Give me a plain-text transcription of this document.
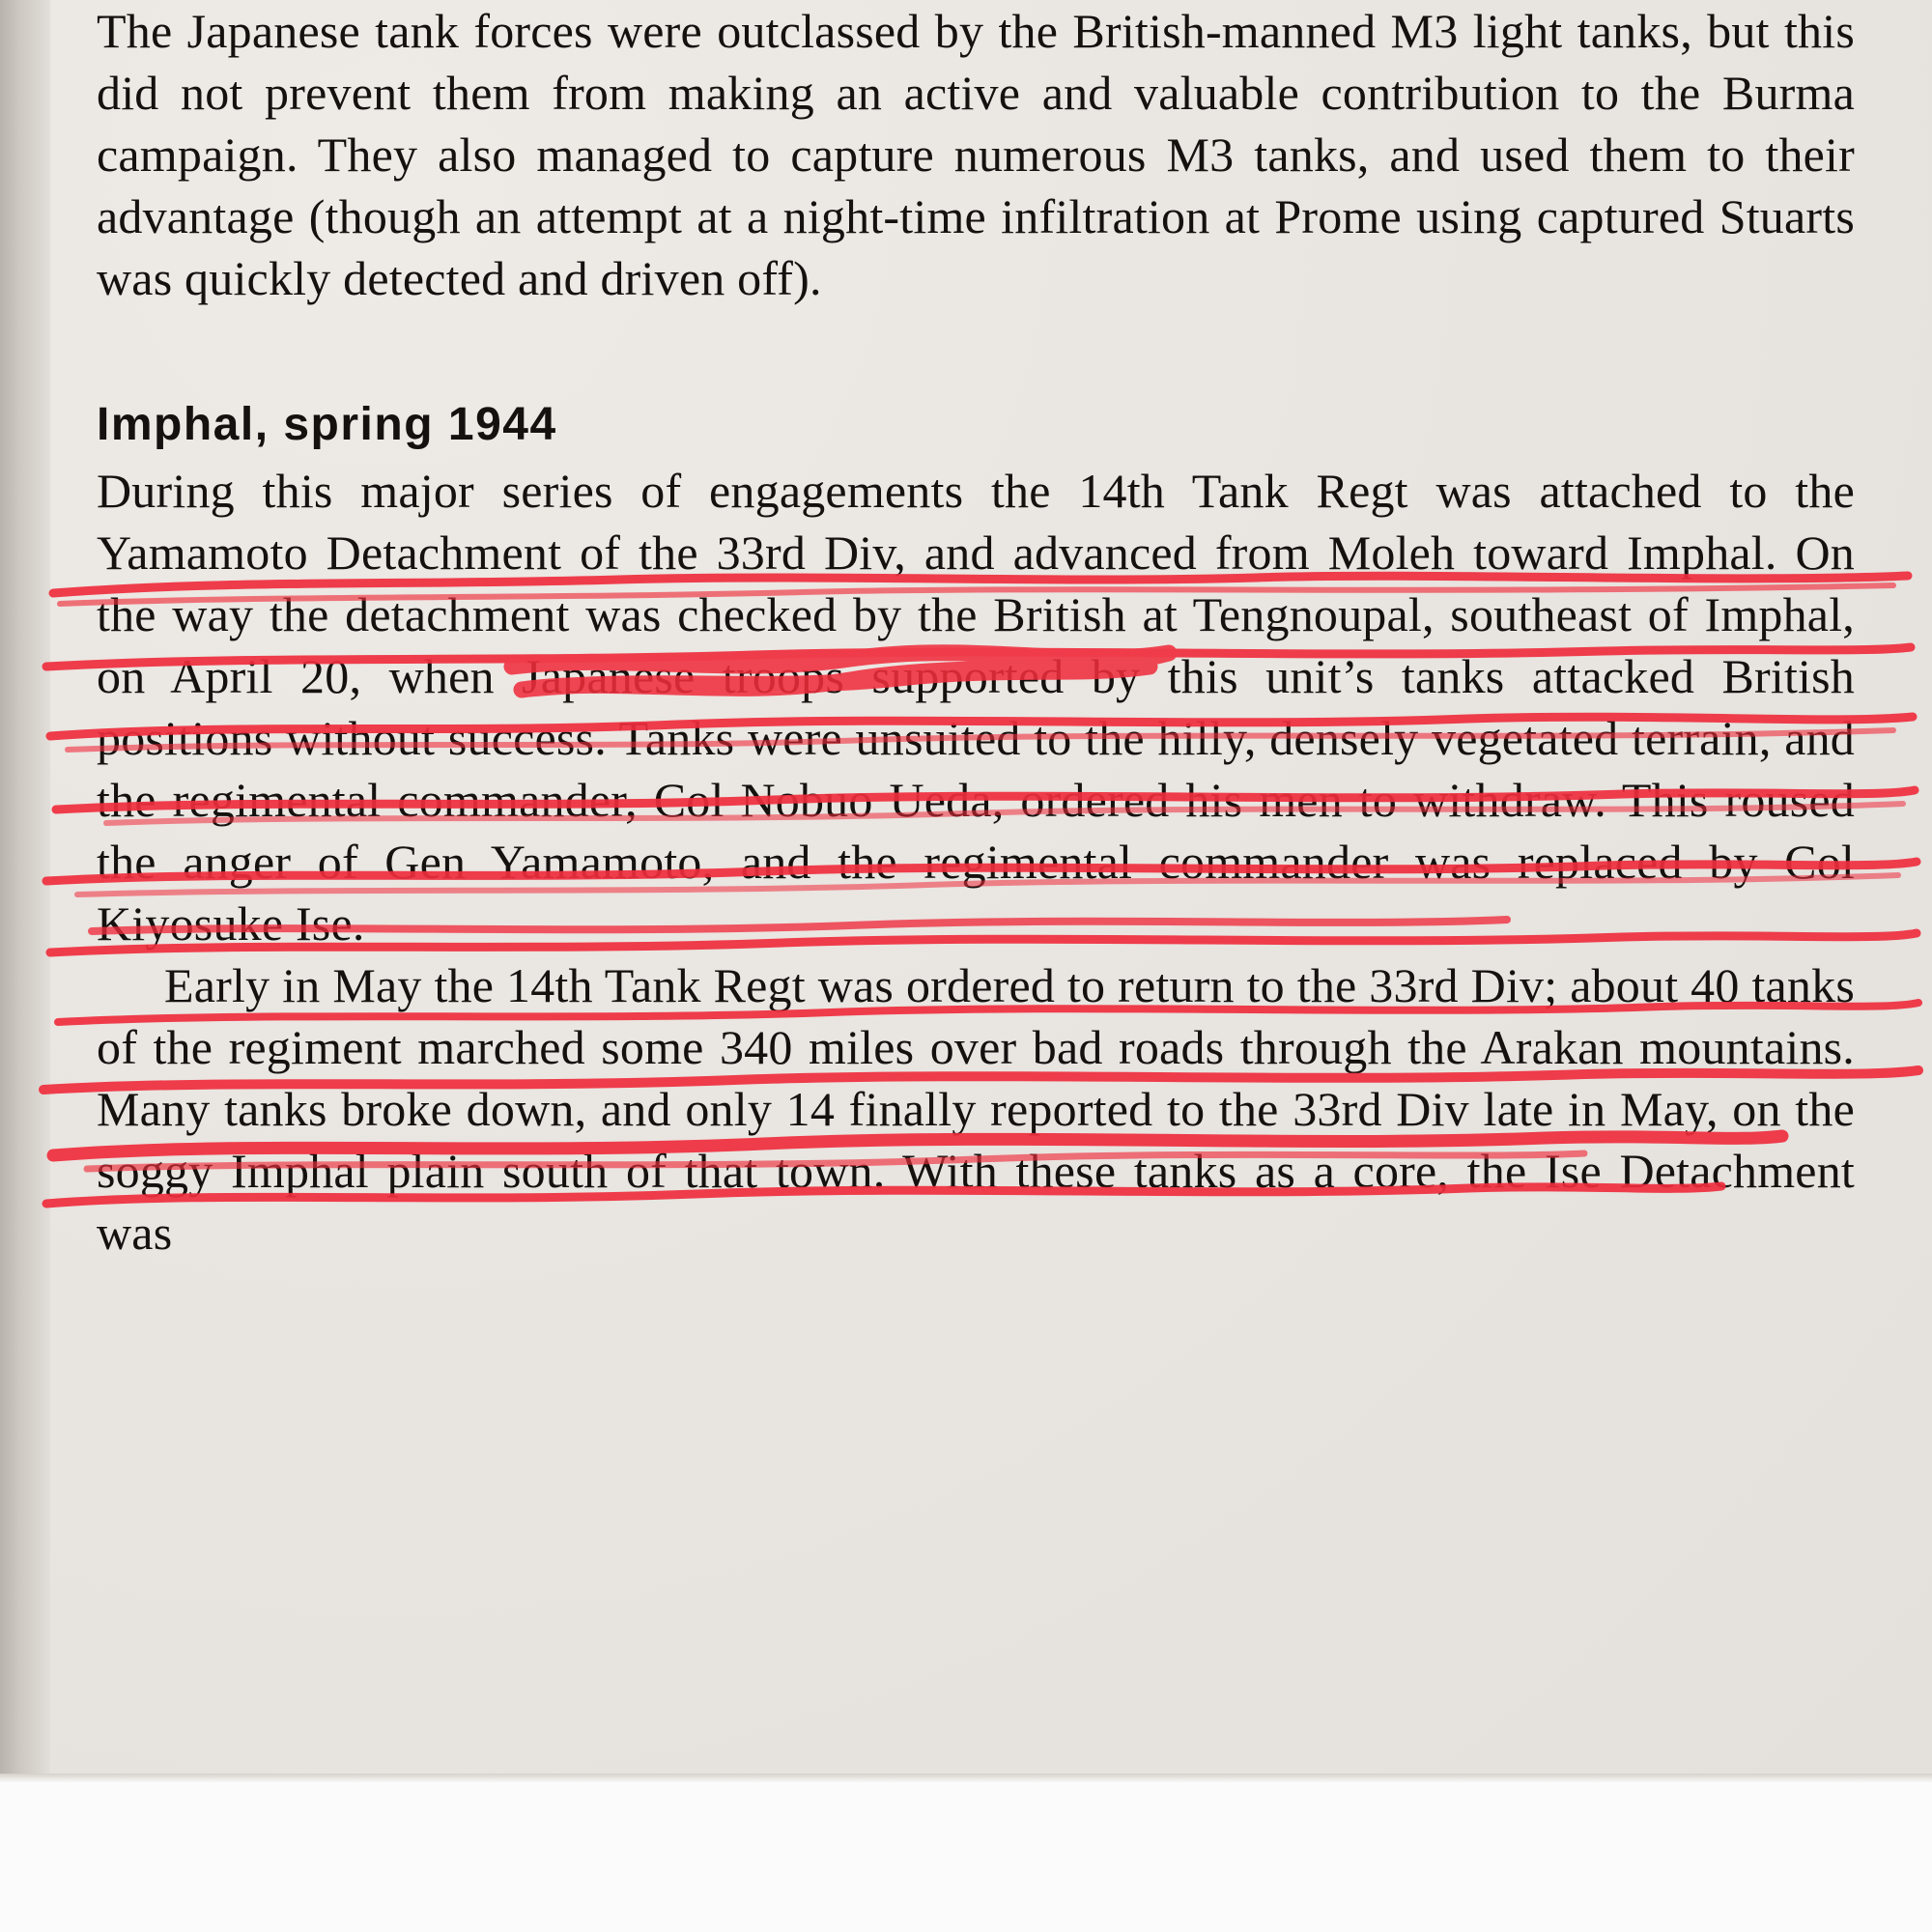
The Japanese tank forces were outclassed by the British-manned M3 light tanks, but this did not prevent them from making an active and valuable contribution to the Burma campaign. They also managed to capture numerous M3 tanks, and used them to their advantage (though an attempt at a night-time infiltration at Prome using captured Stuarts was quickly detected and driven off).

Imphal, spring 1944

During this major series of engagements the 14th Tank Regt was attached to the Yamamoto Detachment of the 33rd Div, and advanced from Moleh toward Imphal. On the way the detachment was checked by the British at Tengnoupal, southeast of Imphal, on April 20, when Japanese troops supported by this unit’s tanks attacked British positions without success. Tanks were unsuited to the hilly, densely vegetated terrain, and the regimental commander, Col Nobuo Ueda, ordered his men to withdraw. This roused the anger of Gen Yamamoto, and the regimental commander was replaced by Col Kiyosuke Ise.

Early in May the 14th Tank Regt was ordered to return to the 33rd Div; about 40 tanks of the regiment marched some 340 miles over bad roads through the Arakan mountains. Many tanks broke down, and only 14 finally reported to the 33rd Div late in May, on the soggy Imphal plain south of that town. With these tanks as a core, the Ise Detachment was
